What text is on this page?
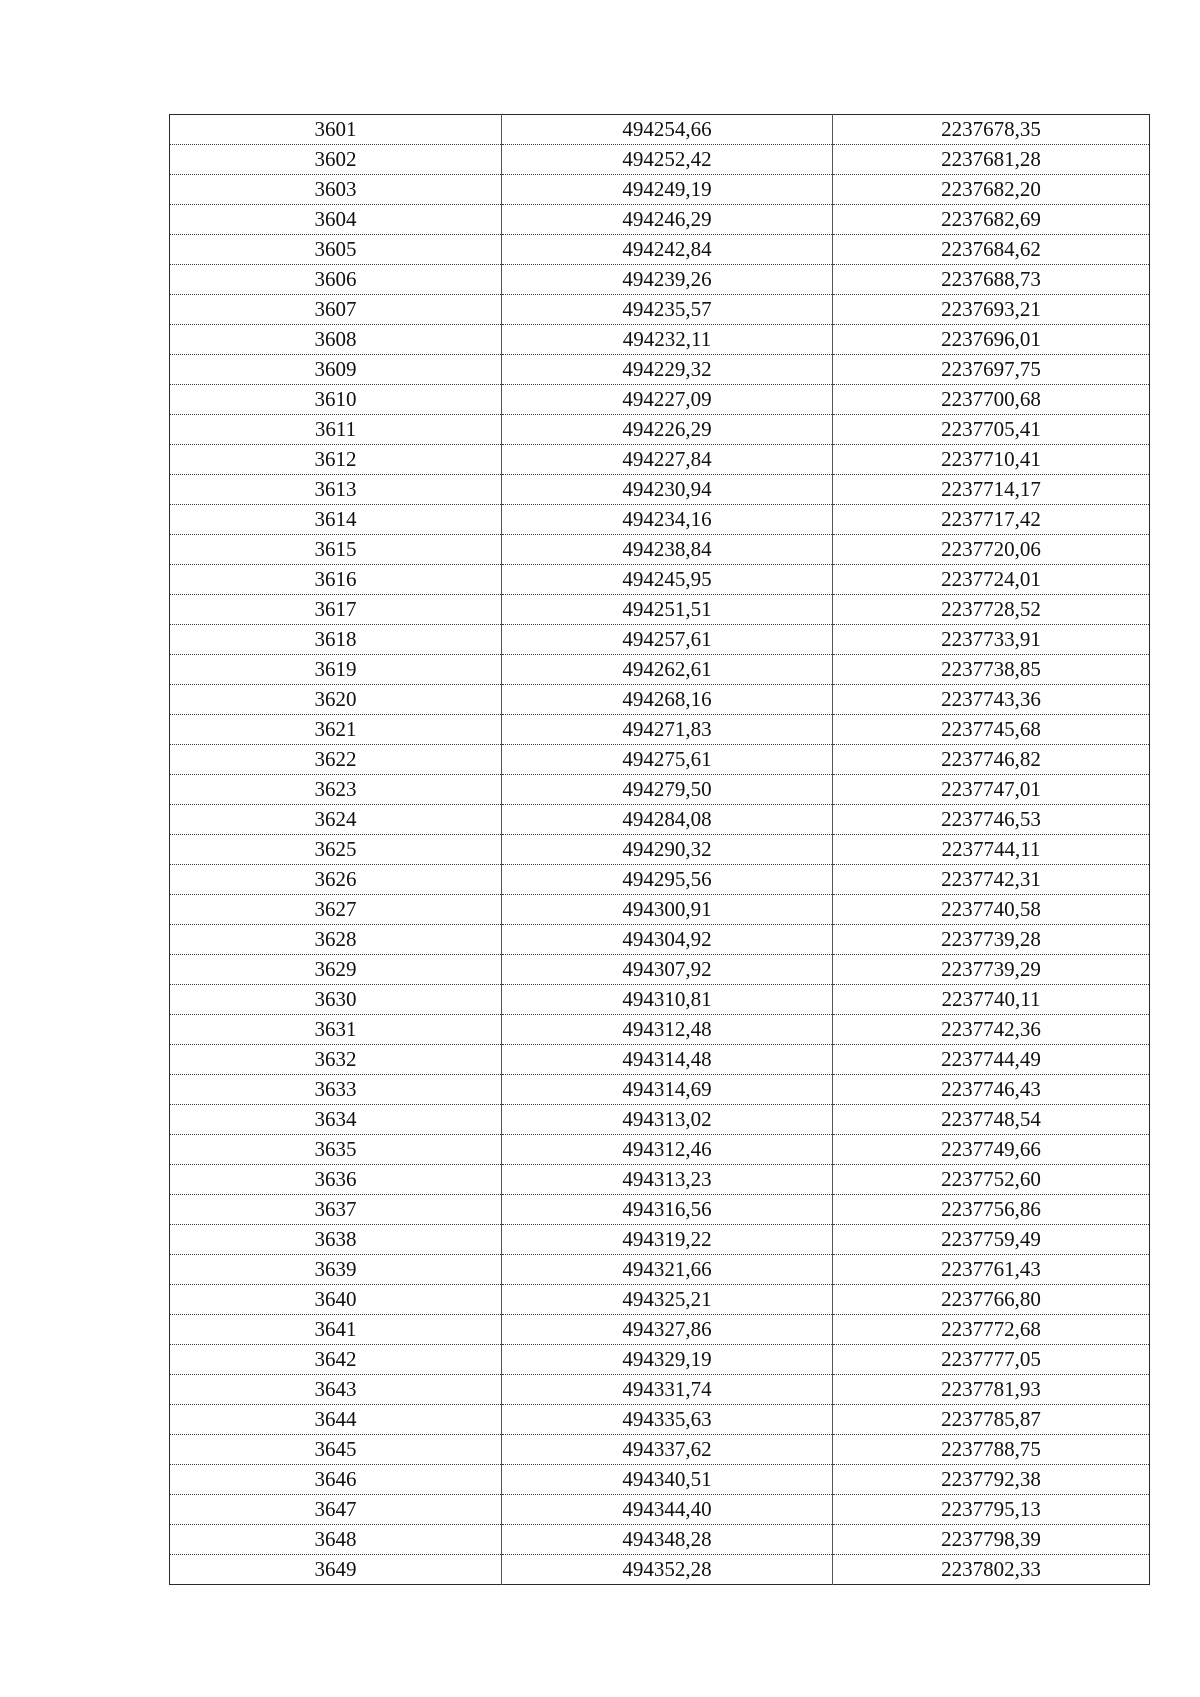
3601	494254,66	2237678,35
3602	494252,42	2237681,28
3603	494249,19	2237682,20
3604	494246,29	2237682,69
3605	494242,84	2237684,62
3606	494239,26	2237688,73
3607	494235,57	2237693,21
3608	494232,11	2237696,01
3609	494229,32	2237697,75
3610	494227,09	2237700,68
3611	494226,29	2237705,41
3612	494227,84	2237710,41
3613	494230,94	2237714,17
3614	494234,16	2237717,42
3615	494238,84	2237720,06
3616	494245,95	2237724,01
3617	494251,51	2237728,52
3618	494257,61	2237733,91
3619	494262,61	2237738,85
3620	494268,16	2237743,36
3621	494271,83	2237745,68
3622	494275,61	2237746,82
3623	494279,50	2237747,01
3624	494284,08	2237746,53
3625	494290,32	2237744,11
3626	494295,56	2237742,31
3627	494300,91	2237740,58
3628	494304,92	2237739,28
3629	494307,92	2237739,29
3630	494310,81	2237740,11
3631	494312,48	2237742,36
3632	494314,48	2237744,49
3633	494314,69	2237746,43
3634	494313,02	2237748,54
3635	494312,46	2237749,66
3636	494313,23	2237752,60
3637	494316,56	2237756,86
3638	494319,22	2237759,49
3639	494321,66	2237761,43
3640	494325,21	2237766,80
3641	494327,86	2237772,68
3642	494329,19	2237777,05
3643	494331,74	2237781,93
3644	494335,63	2237785,87
3645	494337,62	2237788,75
3646	494340,51	2237792,38
3647	494344,40	2237795,13
3648	494348,28	2237798,39
3649	494352,28	2237802,33
